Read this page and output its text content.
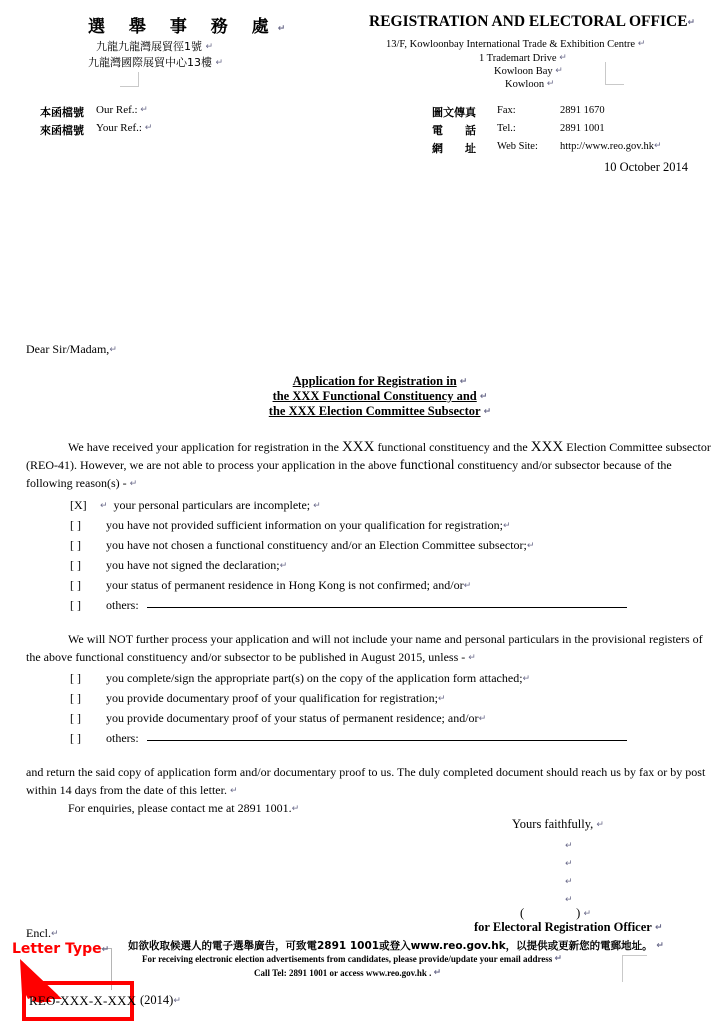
選 舉 事 務 處↵
九龍九龍灣展貿徑1號 ↵
九龍灣國際展貿中心13樓 ↵
REGISTRATION AND ELECTORAL OFFICE↵
13/F, Kowloonbay International Trade & Exhibition Centre ↵
1 Trademart Drive ↵
Kowloon Bay ↵
Kowloon ↵
本函檔號 Our Ref.: ↵
來函檔號 Your Ref.: ↵
圖文傳真 Fax:	2891 1670
電　　話 Tel.:	2891 1001
網　　址 Web Site: http://www.reo.gov.hk↵
10 October 2014
Dear Sir/Madam,↵
Application for Registration in ↵
the XXX Functional Constituency and ↵
the XXX Election Committee Subsector ↵
We have received your application for registration in the XXX functional constituency and the XXX Election Committee subsector (REO-41). However, we are not able to process your application in the above functional constituency and/or subsector because of the following reason(s) - ↵
[X] ↵ your personal particulars are incomplete; ↵
[ ] you have not provided sufficient information on your qualification for registration;↵
[ ] you have not chosen a functional constituency and/or an Election Committee subsector;↵
[ ] you have not signed the declaration;↵
[ ] your status of permanent residence in Hong Kong is not confirmed; and/or↵
[ ] others:
We will NOT further process your application and will not include your name and personal particulars in the provisional registers of the above functional constituency and/or subsector to be published in August 2015, unless - ↵
[ ] you complete/sign the appropriate part(s) on the copy of the application form attached;↵
[ ] you provide documentary proof of your qualification for registration;↵
[ ] you provide documentary proof of your status of permanent residence; and/or↵
[ ] others:
and return the said copy of application form and/or documentary proof to us. The duly completed document should reach us by fax or by post within 14 days from the date of this letter. ↵
For enquiries, please contact me at 2891 1001.↵
Yours faithfully, ↵
↵
↵
↵
↵
(	) ↵
for Electoral Registration Officer ↵
Encl.↵
如欲收取候選人的電子選舉廣告，可致電2891 1001或登入www.reo.gov.hk，以提供或更新您的電郵地址。 ↵
For receiving electronic election advertisements from candidates, please provide/update your email address ↵
Call Tel: 2891 1001 or access www.reo.gov.hk . ↵
Letter Type↵
REO-XXX-X-XXX (2014)↵
